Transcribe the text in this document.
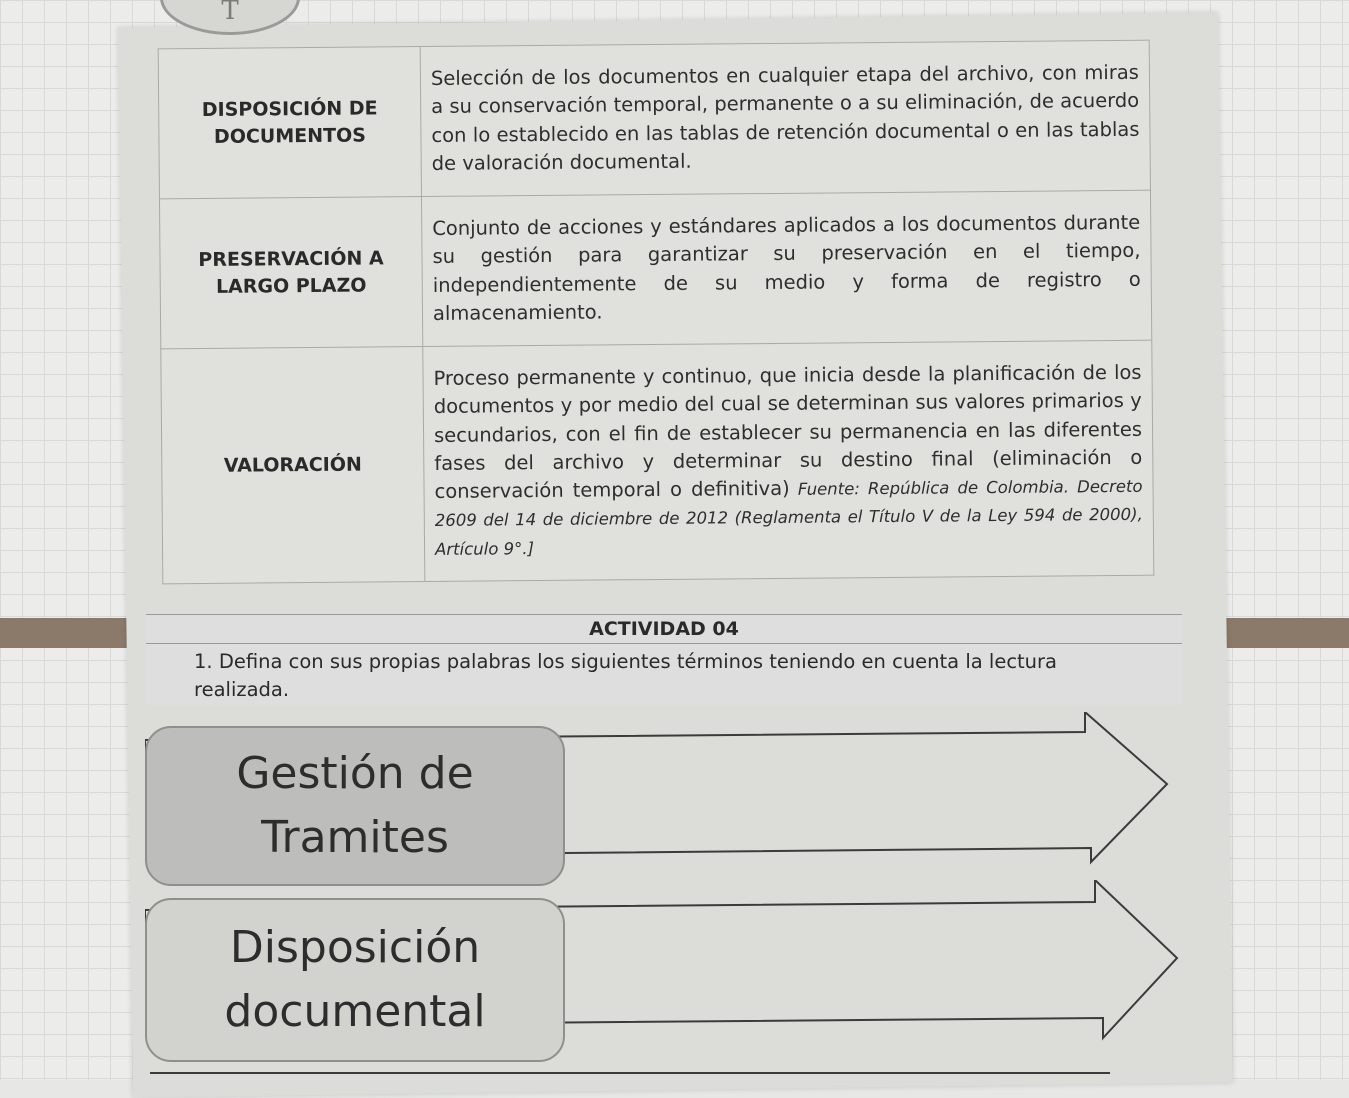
T
DISPOSICIÓN DE
DOCUMENTOS	Selección de los documentos en cualquier etapa del archivo, con miras a su conservación temporal, permanente o a su eliminación, de acuerdo con lo establecido en las tablas de retención documental o en las tablas de valoración documental.

PRESERVACIÓN A
LARGO PLAZO	Conjunto de acciones y estándares aplicados a los documentos durante su gestión para garantizar su preservación en el tiempo, independientemente de su medio y forma de registro o almacenamiento.

VALORACIÓN	Proceso permanente y continuo, que inicia desde la planificación de los documentos y por medio del cual se determinan sus valores primarios y secundarios, con el fin de establecer su permanencia en las diferentes fases del archivo y determinar su destino final (eliminación o conservación temporal o definitiva) Fuente: República de Colombia. Decreto 2609 del 14 de diciembre de 2012 (Reglamenta el Título V de la Ley 594 de 2000), Artículo 9°.]
ACTIVIDAD 04
1. Defina con sus propias palabras los siguientes términos teniendo en cuenta la lectura realizada.
Gestión de
Tramites
Disposición
documental
